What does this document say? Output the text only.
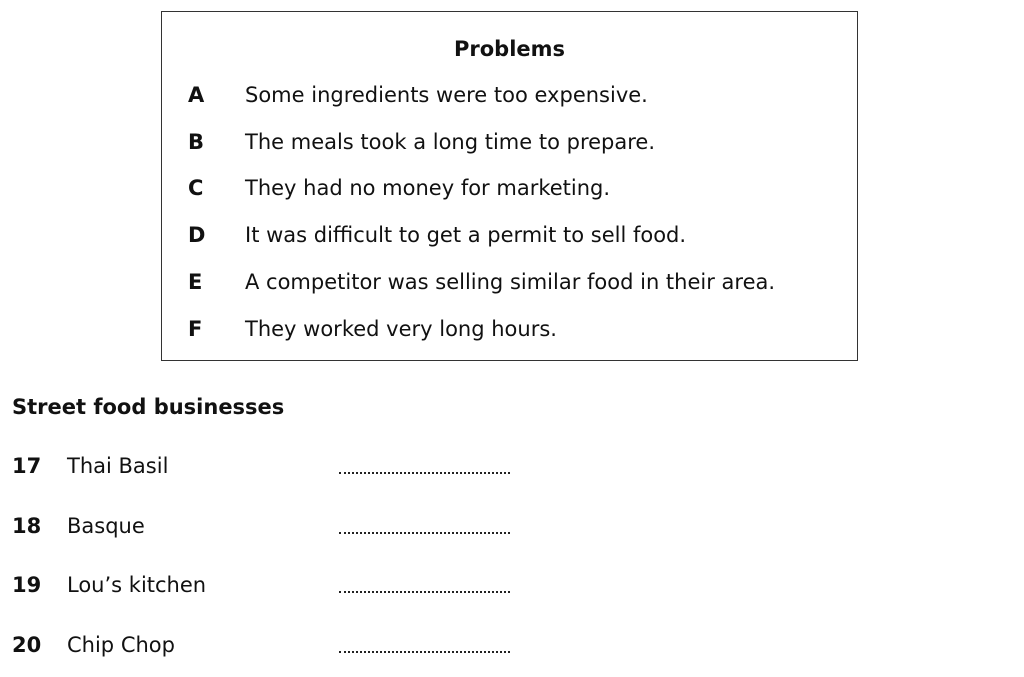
Problems
A	Some ingredients were too expensive.
B	The meals took a long time to prepare.
C	They had no money for marketing.
D	It was difficult to get a permit to sell food.
E	A competitor was selling similar food in their area.
F	They worked very long hours.
Street food businesses
17	Thai Basil
18	Basque
19	Lou’s kitchen
20	Chip Chop
